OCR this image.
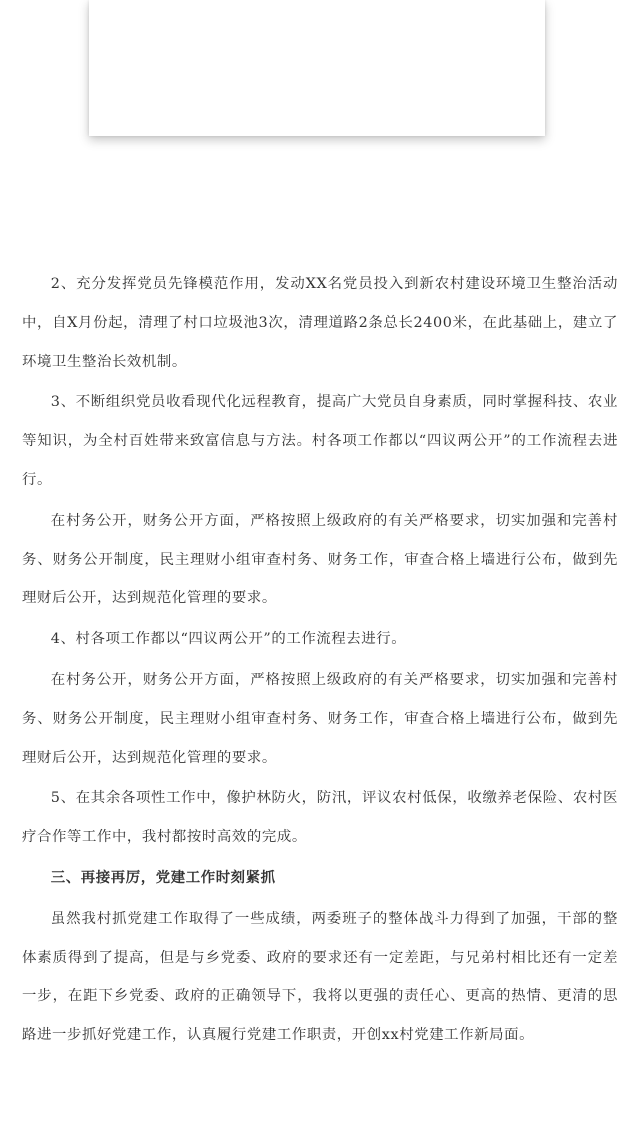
2、充分发挥党员先锋模范作用，发动XX名党员投入到新农村建设环境卫生整治活动中，自X月份起，清理了村口垃圾池3次，清理道路2条总长2400米，在此基础上，建立了环境卫生整治长效机制。

3、不断组织党员收看现代化远程教育，提高广大党员自身素质，同时掌握科技、农业等知识，为全村百姓带来致富信息与方法。村各项工作都以“四议两公开”的工作流程去进行。

在村务公开，财务公开方面，严格按照上级政府的有关严格要求，切实加强和完善村务、财务公开制度，民主理财小组审查村务、财务工作，审查合格上墙进行公布，做到先理财后公开，达到规范化管理的要求。

4、村各项工作都以“四议两公开”的工作流程去进行。

在村务公开，财务公开方面，严格按照上级政府的有关严格要求，切实加强和完善村务、财务公开制度，民主理财小组审查村务、财务工作，审查合格上墙进行公布，做到先理财后公开，达到规范化管理的要求。

5、在其余各项性工作中，像护林防火，防汛，评议农村低保，收缴养老保险、农村医疗合作等工作中，我村都按时高效的完成。

三、再接再厉，党建工作时刻紧抓

虽然我村抓党建工作取得了一些成绩，两委班子的整体战斗力得到了加强，干部的整体素质得到了提高，但是与乡党委、政府的要求还有一定差距，与兄弟村相比还有一定差一步，在距下乡党委、政府的正确领导下，我将以更强的责任心、更高的热情、更清的思路进一步抓好党建工作，认真履行党建工作职责，开创xx村党建工作新局面。
